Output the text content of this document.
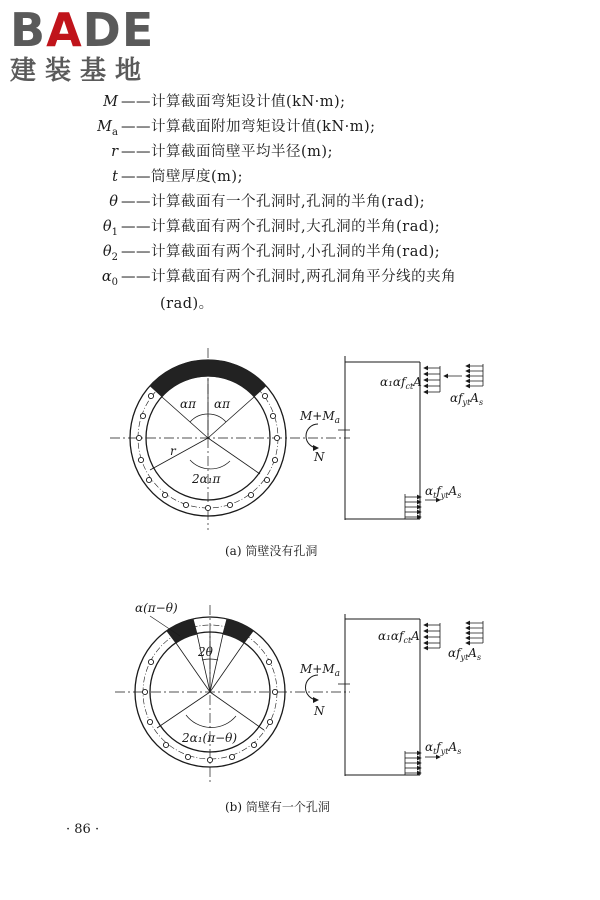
BADE
建装基地
M ——计算截面弯矩设计值(kN·m);
$M_a$ ——计算截面附加弯矩设计值(kN·m);
r ——计算截面筒壁平均半径(m);
t ——筒壁厚度(m);
θ ——计算截面有一个孔洞时,孔洞的半角(rad);
$\theta_1$ ——计算截面有两个孔洞时,大孔洞的半角(rad);
$\theta_2$ ——计算截面有两个孔洞时,小孔洞的半角(rad);
$\alpha_0$ ——计算截面有两个孔洞时,两孔洞角平分线的夹角
(rad)。
απ απ
r
2α₁π
$M+M_a$
N
$\alpha_1\alpha f_{ct}A$
$\alpha f_{yt}A_s$
$\alpha_tf_{yt}A_s$
α(π−θ)
2θ
2α₁(π−θ)
$M+M_a$
N
$\alpha_1\alpha f_{ct}A$
$\alpha f_{yt}A_s$
$\alpha_tf_{yt}A_s$
(a) 筒壁没有孔洞
(b) 筒壁有一个孔洞
· 86 ·
